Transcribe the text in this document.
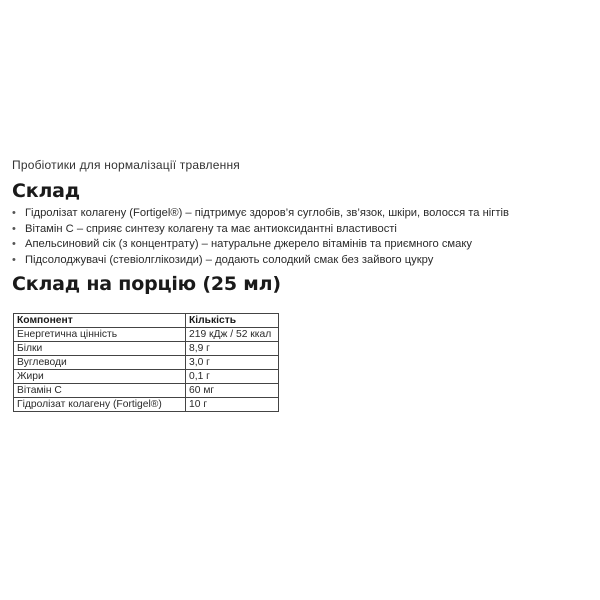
Пробіотики для нормалізації травлення
Склад
• Гідролізат колагену (Fortigel®) – підтримує здоров’я суглобів, зв’язок, шкіри, волосся та нігтів
• Вітамін С – сприяє синтезу колагену та має антиоксидантні властивості
• Апельсиновий сік (з концентрату) – натуральне джерело вітамінів та приємного смаку
• Підсолоджувачі (стевіолглікозиди) – додають солодкий смак без зайвого цукру
Склад на порцію (25 мл)
Компонент	Кількість
Енергетична цінність	219 кДж / 52 ккал
Білки	8,9 г
Вуглеводи	3,0 г
Жири	0,1 г
Вітамін С	60 мг
Гідролізат колагену (Fortigel®)	10 г
